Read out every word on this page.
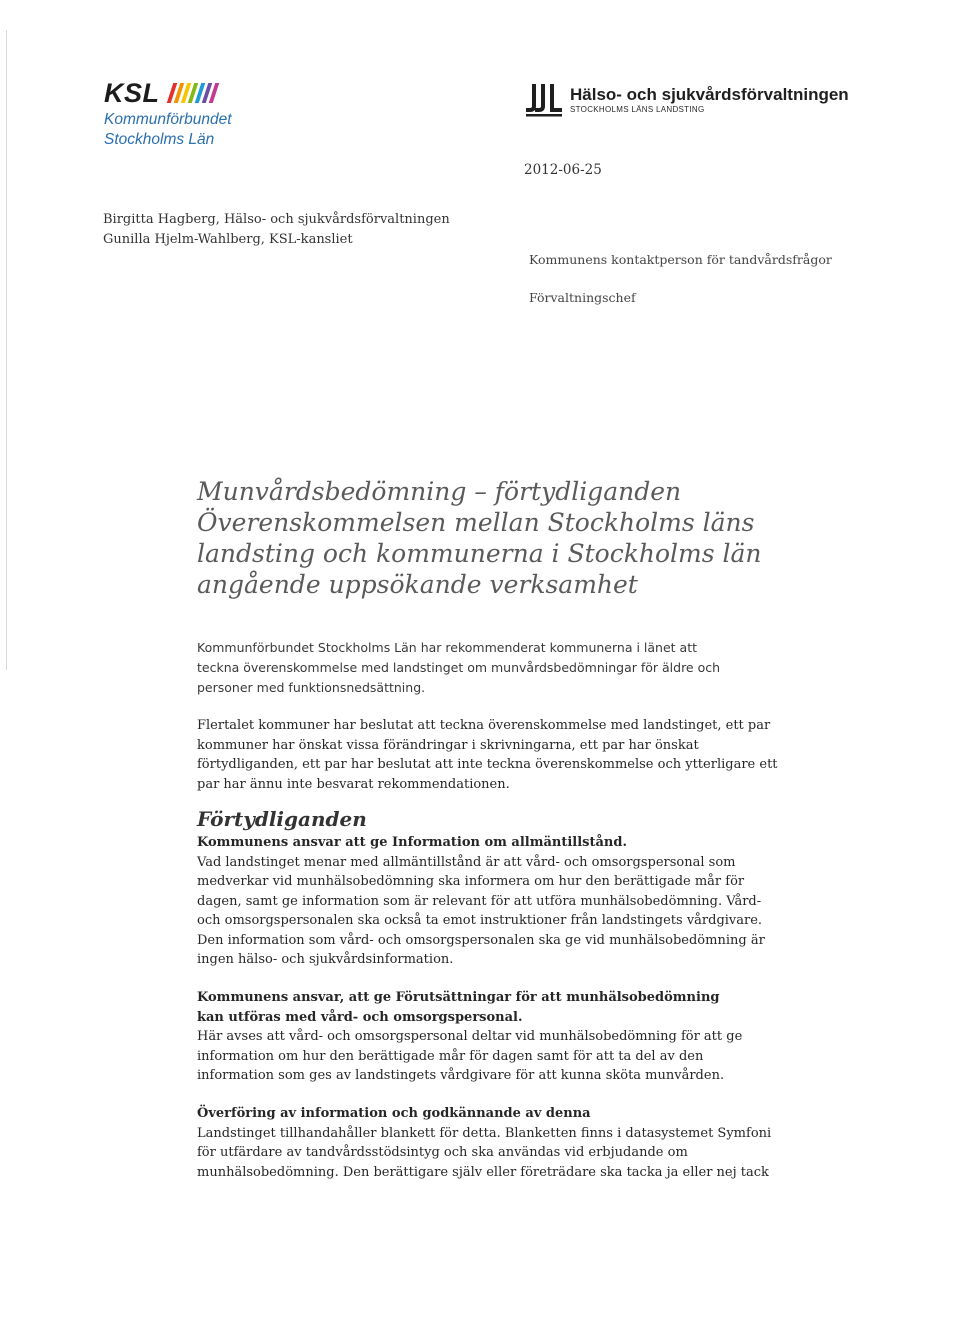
KSL
Kommunförbundet
Stockholms Län
Hälso- och sjukvårdsförvaltningen
STOCKHOLMS LÄNS LANDSTING
2012-06-25
Birgitta Hagberg, Hälso- och sjukvårdsförvaltningen
Gunilla Hjelm-Wahlberg, KSL-kansliet
Kommunens kontaktperson för tandvårdsfrågor
Förvaltningschef
Munvårdsbedömning – förtydliganden
Överenskommelsen mellan Stockholms läns
landsting och kommunerna i Stockholms län
angående uppsökande verksamhet
Kommunförbundet Stockholms Län har rekommenderat kommunerna i länet att
teckna överenskommelse med landstinget om munvårdsbedömningar för äldre och
personer med funktionsnedsättning.
Flertalet kommuner har beslutat att teckna överenskommelse med landstinget, ett par
kommuner har önskat vissa förändringar i skrivningarna, ett par har önskat
förtydliganden, ett par har beslutat att inte teckna överenskommelse och ytterligare ett
par har ännu inte besvarat rekommendationen.
Förtydliganden
Kommunens ansvar att ge Information om allmäntillstånd.
Vad landstinget menar med allmäntillstånd är att vård- och omsorgspersonal som
medverkar vid munhälsobedömning ska informera om hur den berättigade mår för
dagen, samt ge information som är relevant för att utföra munhälsobedömning. Vård-
och omsorgspersonalen ska också ta emot instruktioner från landstingets vårdgivare.
Den information som vård- och omsorgspersonalen ska ge vid munhälsobedömning är
ingen hälso- och sjukvårdsinformation.
Kommunens ansvar, att ge Förutsättningar för att munhälsobedömning
kan utföras med vård- och omsorgspersonal.
Här avses att vård- och omsorgspersonal deltar vid munhälsobedömning för att ge
information om hur den berättigade mår för dagen samt för att ta del av den
information som ges av landstingets vårdgivare för att kunna sköta munvården.
Överföring av information och godkännande av denna
Landstinget tillhandahåller blankett för detta. Blanketten finns i datasystemet Symfoni
för utfärdare av tandvårdsstödsintyg och ska användas vid erbjudande om
munhälsobedömning. Den berättigare själv eller företrädare ska tacka ja eller nej tack
